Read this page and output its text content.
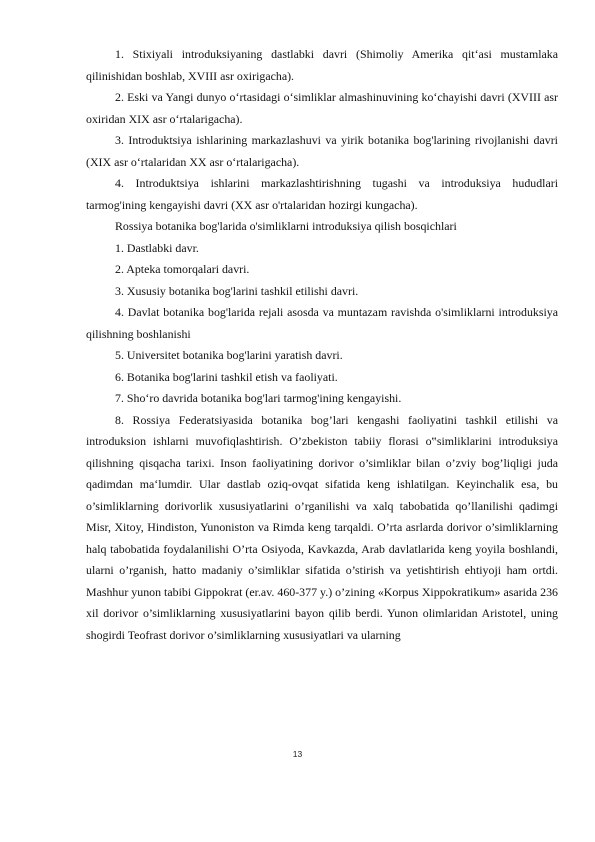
1. Stixiyali introduksiyaning dastlabki davri (Shimoliy Amerika qit‘asi mustamlaka qilinishidan boshlab, XVIII asr oxirigacha).

2. Eski va Yangi dunyo o‘rtasidagi o‘simliklar almashinuvining ko‘chayishi davri (XVIII asr oxiridan XIX asr o‘rtalarigacha).

3. Introduktsiya ishlarining markazlashuvi va yirik botanika bog'larining rivojlanishi davri (XIX asr o‘rtalaridan XX asr o‘rtalarigacha).

4. Introduktsiya ishlarini markazlashtirishning tugashi va introduksiya hududlari tarmog'ining kengayishi davri (XX asr o'rtalaridan hozirgi kungacha).

Rossiya botanika bog'larida o'simliklarni introduksiya qilish bosqichlari

1. Dastlabki davr.

2. Apteka tomorqalari davri.

3. Xususiy botanika bog'larini tashkil etilishi davri.

4. Davlat botanika bog'larida rejali asosda va muntazam ravishda o'simliklarni introduksiya qilishning boshlanishi

5. Universitet botanika bog'larini yaratish davri.

6. Botanika bog'larini tashkil etish va faoliyati.

7. Sho‘ro davrida botanika bog'lari tarmog'ining kengayishi.

8. Rossiya Federatsiyasida botanika bog’lari kengashi faoliyatini tashkil etilishi va introduksion ishlarni muvofiqlashtirish. O’zbekiston tabiiy florasi o‟simliklarini introduksiya qilishning qisqacha tarixi. Inson faoliyatining dorivor o’simliklar bilan o’zviy bog’liqligi juda qadimdan ma‘lumdir. Ular dastlab oziq-ovqat sifatida keng ishlatilgan. Keyinchalik esa, bu o’simliklarning dorivorlik xususiyatlarini o’rganilishi va xalq tabobatida qo’llanilishi qadimgi Misr, Xitoy, Hindiston, Yunoniston va Rimda keng tarqaldi. O’rta asrlarda dorivor o’simliklarning halq tabobatida foydalanilishi O’rta Osiyoda, Kavkazda, Arab davlatlarida keng yoyila boshlandi, ularni o’rganish, hatto madaniy o’simliklar sifatida o’stirish va yetishtirish ehtiyoji ham ortdi. Mashhur yunon tabibi Gippokrat (er.av. 460-377 y.) o’zining «Korpus Xippokratikum» asarida 236 xil dorivor o’simliklarning xususiyatlarini bayon qilib berdi. Yunon olimlaridan Aristotel, uning shogirdi Teofrast dorivor o’simliklarning xususiyatlari va ularning

13
